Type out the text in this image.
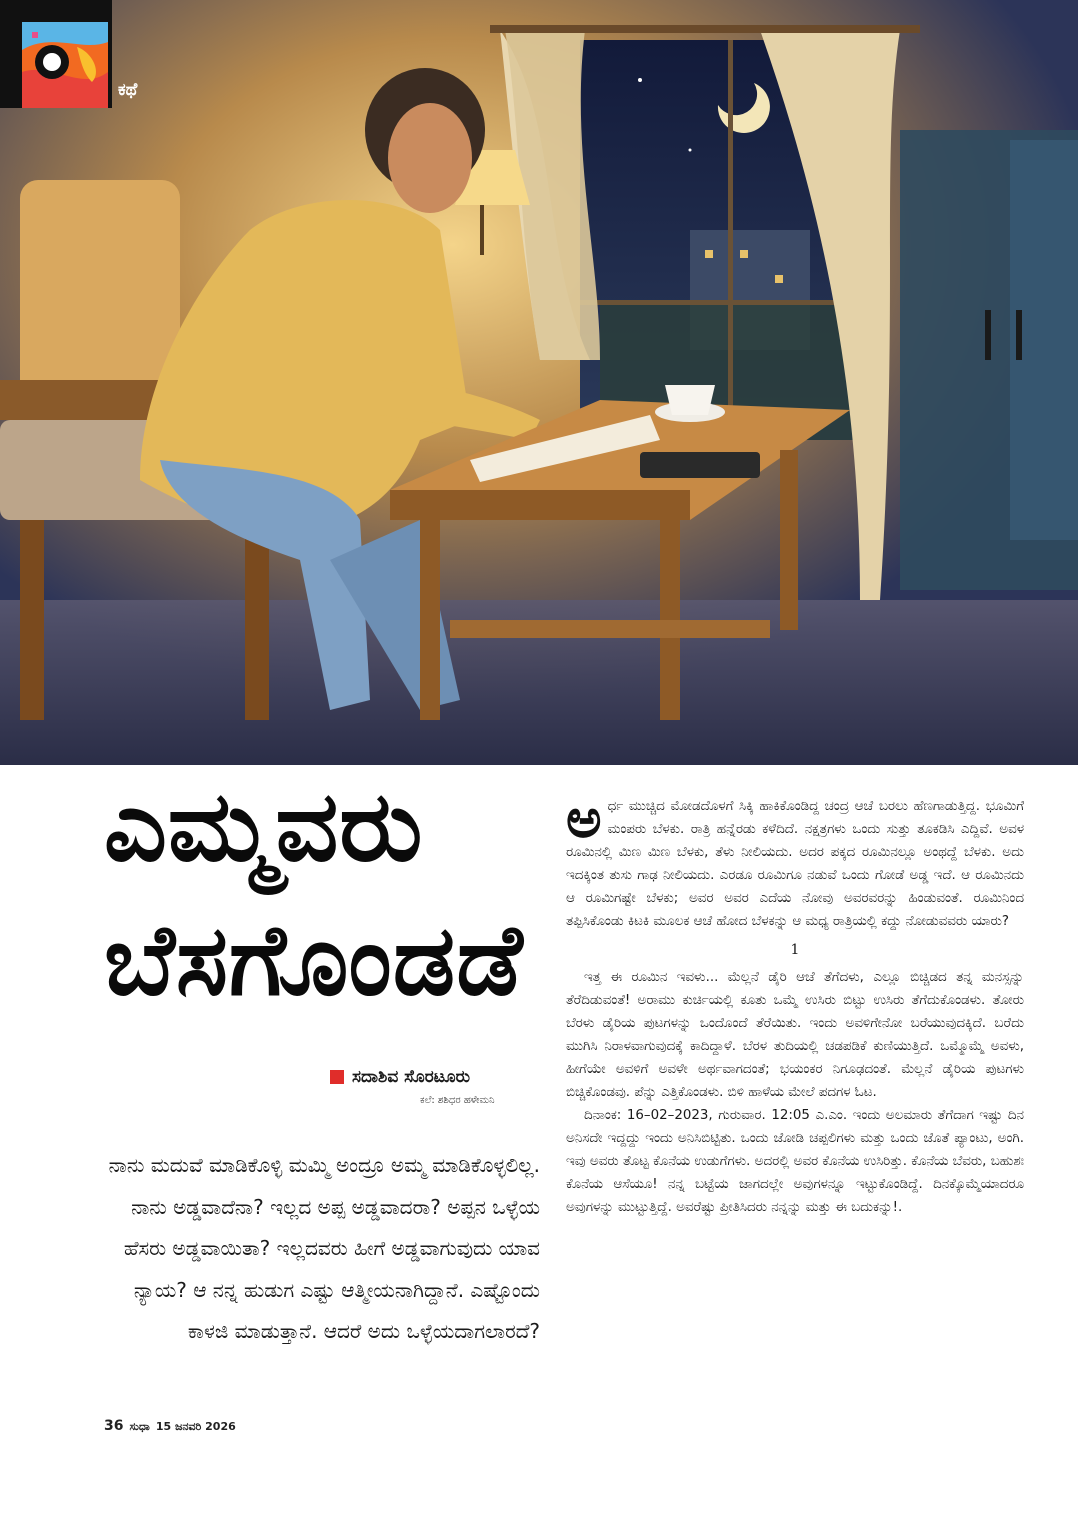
ಕಥೆ
ಎಮ್ಮವರು
ಬೆಸಗೊಂಡಡೆ
ಸದಾಶಿವ ಸೊರಟೂರು
ಕಲೆ: ಶಶಿಧರ ಹಳೇಮನಿ
ನಾನು ಮದುವೆ ಮಾಡಿಕೊಳ್ಳಿ ಮಮ್ಮಿ ಅಂದ್ರೂ ಅಮ್ಮ ಮಾಡಿಕೊಳ್ಳಲಿಲ್ಲ. ನಾನು ಅಡ್ಡವಾದೆನಾ? ಇಲ್ಲದ ಅಪ್ಪ ಅಡ್ಡವಾದರಾ? ಅಪ್ಪನ ಒಳ್ಳೆಯ ಹೆಸರು ಅಡ್ಡವಾಯಿತಾ? ಇಲ್ಲದವರು ಹೀಗೆ ಅಡ್ಡವಾಗುವುದು ಯಾವ ನ್ಯಾಯ? ಆ ನನ್ನ ಹುಡುಗ ಎಷ್ಟು ಆತ್ಮೀಯನಾಗಿದ್ದಾನೆ. ಎಷ್ಟೊಂದು ಕಾಳಜಿ ಮಾಡುತ್ತಾನೆ. ಆದರೆ ಅದು ಒಳ್ಳೆಯದಾಗಲಾರದೆ?

ಅ ರ್ಧ ಮುಚ್ಚಿದ ಮೋಡದೊಳಗೆ ಸಿಕ್ಕಿ ಹಾಕಿಕೊಂಡಿದ್ದ ಚಂದ್ರ ಆಚೆ ಬರಲು ಹೆಣಗಾಡುತ್ತಿದ್ದ. ಭೂಮಿಗೆ ಮಂಪರು ಬೆಳಕು. ರಾತ್ರಿ ಹನ್ನೆರಡು ಕಳೆದಿದೆ. ನಕ್ಷತ್ರಗಳು ಒಂದು ಸುತ್ತು ತೂಕಡಿಸಿ ಎದ್ದಿವೆ. ಅವಳ ರೂಮಿನಲ್ಲಿ ಮಿಣ ಮಿಣ ಬೆಳಕು, ತೆಳು ನೀಲಿಯದು. ಅದರ ಪಕ್ಕದ ರೂಮಿನಲ್ಲೂ ಅಂಥದ್ದೆ ಬೆಳಕು. ಅದು ಇದಕ್ಕಿಂತ ತುಸು ಗಾಢ ನೀಲಿಯದು. ಎರಡೂ ರೂಮಿಗೂ ನಡುವೆ ಒಂದು ಗೋಡೆ ಅಡ್ಡ ಇದೆ. ಆ ರೂಮಿನದು ಆ ರೂಮಿಗಷ್ಟೇ ಬೆಳಕು; ಅವರ ಅವರ ಎದೆಯ ನೋವು ಅವರವರನ್ನು ಹಿಂಡುವಂತೆ. ರೂಮಿನಿಂದ ತಪ್ಪಿಸಿಕೊಂಡು ಕಿಟಕಿ ಮೂಲಕ ಆಚೆ ಹೋದ ಬೆಳಕನ್ನು ಆ ಮಧ್ಯ ರಾತ್ರಿಯಲ್ಲಿ ಕದ್ದು ನೋಡುವವರು ಯಾರು?

1

ಇತ್ತ ಈ ರೂಮಿನ ಇವಳು... ಮೆಲ್ಲನೆ ಡೈರಿ ಆಚೆ ತೆಗೆದಳು, ಎಲ್ಲೂ ಬಿಚ್ಚಿಡದ ತನ್ನ ಮನಸ್ಸನ್ನು ತೆರೆದಿಡುವಂತೆ! ಅರಾಮು ಕುರ್ಚಿಯಲ್ಲಿ ಕೂತು ಒಮ್ಮೆ ಉಸಿರು ಬಿಟ್ಟು ಉಸಿರು ತೆಗೆದುಕೊಂಡಳು. ತೋರು ಬೆರಳು ಡೈರಿಯ ಪುಟಗಳನ್ನು ಒಂದೊಂದೆ ತೆರೆಯಿತು. ಇಂದು ಅವಳಿಗೇನೋ ಬರೆಯುವುದಕ್ಕಿದೆ. ಬರೆದು ಮುಗಿಸಿ ನಿರಾಳವಾಗುವುದಕ್ಕೆ ಕಾದಿದ್ದಾಳೆ. ಬೆರಳ ತುದಿಯಲ್ಲಿ ಚಡಪಡಿಕೆ ಕುಣಿಯುತ್ತಿದೆ. ಒಮ್ಮೊಮ್ಮೆ ಅವಳು, ಹೀಗೆಯೇ ಅವಳಿಗೆ ಅವಳೇ ಅರ್ಥವಾಗದಂತೆ; ಭಯಂಕರ ನಿಗೂಢದಂತೆ. ಮೆಲ್ಲನೆ ಡೈರಿಯ ಪುಟಗಳು ಬಿಚ್ಚಿಕೊಂಡವು. ಪೆನ್ನು ಎತ್ತಿಕೊಂಡಳು. ಬಿಳಿ ಹಾಳೆಯ ಮೇಲೆ ಪದಗಳ ಓಟ.

ದಿನಾಂಕ: 16–02–2023, ಗುರುವಾರ. 12:05 ಎ.ಎಂ. ಇಂದು ಅಲಮಾರು ತೆಗೆದಾಗ ಇಷ್ಟು ದಿನ ಅನಿಸದೇ ಇದ್ದದ್ದು ಇಂದು ಅನಿಸಿಬಿಟ್ಟಿತು. ಒಂದು ಜೋಡಿ ಚಪ್ಪಲಿಗಳು ಮತ್ತು ಒಂದು ಜೊತೆ ಪ್ಯಾಂಟು, ಅಂಗಿ. ಇವು ಅವರು ತೊಟ್ಟ ಕೊನೆಯ ಉಡುಗೆಗಳು. ಅದರಲ್ಲಿ ಅವರ ಕೊನೆಯ ಉಸಿರಿತ್ತು. ಕೊನೆಯ ಬೆವರು, ಬಹುಶಃ ಕೊನೆಯ ಆಸೆಯೂ! ನನ್ನ ಬಟ್ಟೆಯ ಜಾಗದಲ್ಲೇ ಅವುಗಳನ್ನೂ ಇಟ್ಟುಕೊಂಡಿದ್ದೆ. ದಿನಕ್ಕೊಮ್ಮೆಯಾದರೂ ಅವುಗಳನ್ನು ಮುಟ್ಟುತ್ತಿದ್ದೆ. ಅವರೆಷ್ಟು ಪ್ರೀತಿಸಿದರು ನನ್ನನ್ನು ಮತ್ತು ಈ ಬದುಕನ್ನು!.

36 ಸುಧಾ 15 ಜನವರಿ 2026
